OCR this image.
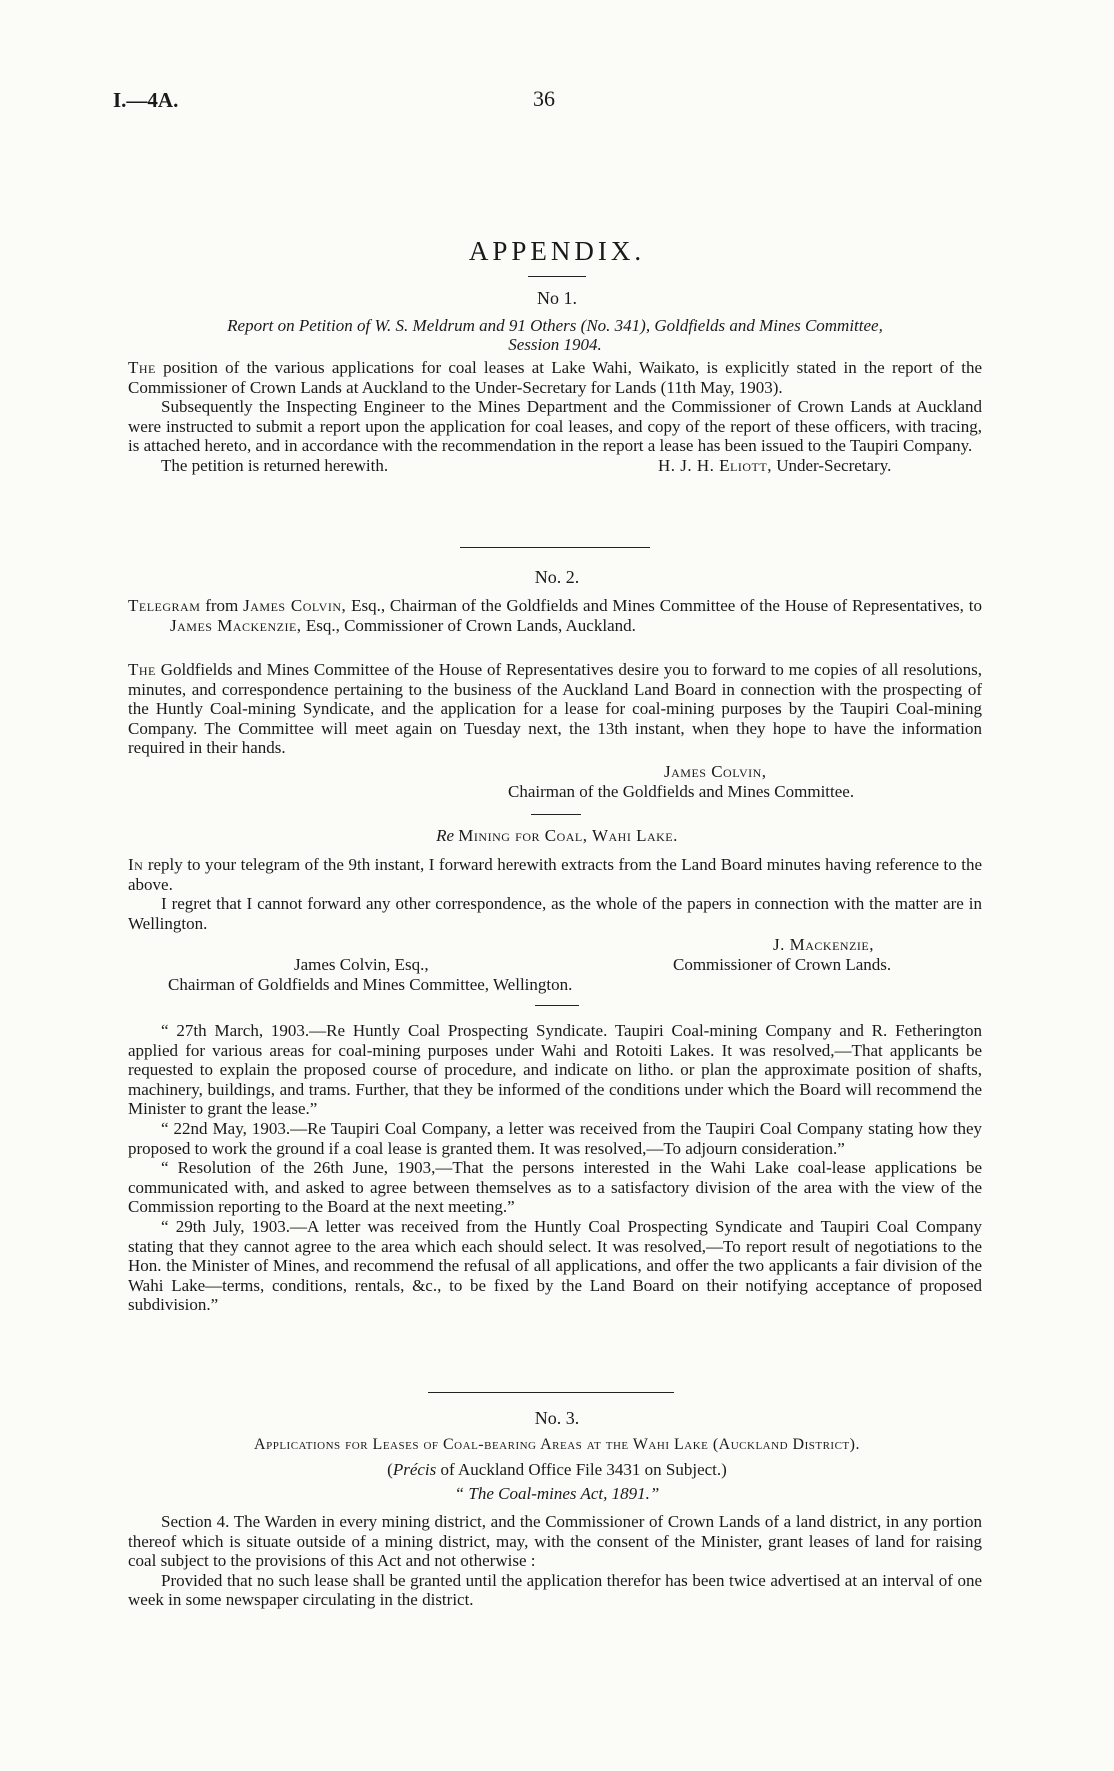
I.—4A.	36
APPENDIX.
No 1.
Report on Petition of W. S. Meldrum and 91 Others (No. 341), Goldfields and Mines Committee,
Session 1904.

The position of the various applications for coal leases at Lake Wahi, Waikato, is explicitly stated in the report of the Commissioner of Crown Lands at Auckland to the Under-Secretary for Lands (11th May, 1903).

Subsequently the Inspecting Engineer to the Mines Department and the Commissioner of Crown Lands at Auckland were instructed to submit a report upon the application for coal leases, and copy of the report of these officers, with tracing, is attached hereto, and in accordance with the recommendation in the report a lease has been issued to the Taupiri Company.

The petition is returned herewith.	H. J. H. Eliott, Under-Secretary.
No. 2.

Telegram from James Colvin, Esq., Chairman of the Goldfields and Mines Committee of the House of Representatives, to James Mackenzie, Esq., Commissioner of Crown Lands, Auckland.

The Goldfields and Mines Committee of the House of Representatives desire you to forward to me copies of all resolutions, minutes, and correspondence pertaining to the business of the Auckland Land Board in connection with the prospecting of the Huntly Coal-mining Syndicate, and the application for a lease for coal-mining purposes by the Taupiri Coal-mining Company. The Committee will meet again on Tuesday next, the 13th instant, when they hope to have the information required in their hands.

James Colvin,
Chairman of the Goldfields and Mines Committee.
Re Mining for Coal, Wahi Lake.

In reply to your telegram of the 9th instant, I forward herewith extracts from the Land Board minutes having reference to the above.

I regret that I cannot forward any other correspondence, as the whole of the papers in connection with the matter are in Wellington.

J. Mackenzie,
James Colvin, Esq.,	Commissioner of Crown Lands.
Chairman of Goldfields and Mines Committee, Wellington.

“ 27th March, 1903.—Re Huntly Coal Prospecting Syndicate. Taupiri Coal-mining Company and R. Fetherington applied for various areas for coal-mining purposes under Wahi and Rotoiti Lakes. It was resolved,—That applicants be requested to explain the proposed course of procedure, and indicate on litho. or plan the approximate position of shafts, machinery, buildings, and trams. Further, that they be informed of the conditions under which the Board will recommend the Minister to grant the lease.”

“ 22nd May, 1903.—Re Taupiri Coal Company, a letter was received from the Taupiri Coal Company stating how they proposed to work the ground if a coal lease is granted them. It was resolved,—To adjourn consideration.”

“ Resolution of the 26th June, 1903,—That the persons interested in the Wahi Lake coal-lease applications be communicated with, and asked to agree between themselves as to a satisfactory division of the area with the view of the Commission reporting to the Board at the next meeting.”

“ 29th July, 1903.—A letter was received from the Huntly Coal Prospecting Syndicate and Taupiri Coal Company stating that they cannot agree to the area which each should select. It was resolved,—To report result of negotiations to the Hon. the Minister of Mines, and recommend the refusal of all applications, and offer the two applicants a fair division of the Wahi Lake—terms, conditions, rentals, &c., to be fixed by the Land Board on their notifying acceptance of proposed subdivision.”

No. 3.
Applications for Leases of Coal-bearing Areas at the Wahi Lake (Auckland District).
(Précis of Auckland Office File 3431 on Subject.)
“ The Coal-mines Act, 1891.”

Section 4. The Warden in every mining district, and the Commissioner of Crown Lands of a land district, in any portion thereof which is situate outside of a mining district, may, with the consent of the Minister, grant leases of land for raising coal subject to the provisions of this Act and not otherwise :

Provided that no such lease shall be granted until the application therefor has been twice advertised at an interval of one week in some newspaper circulating in the district.
